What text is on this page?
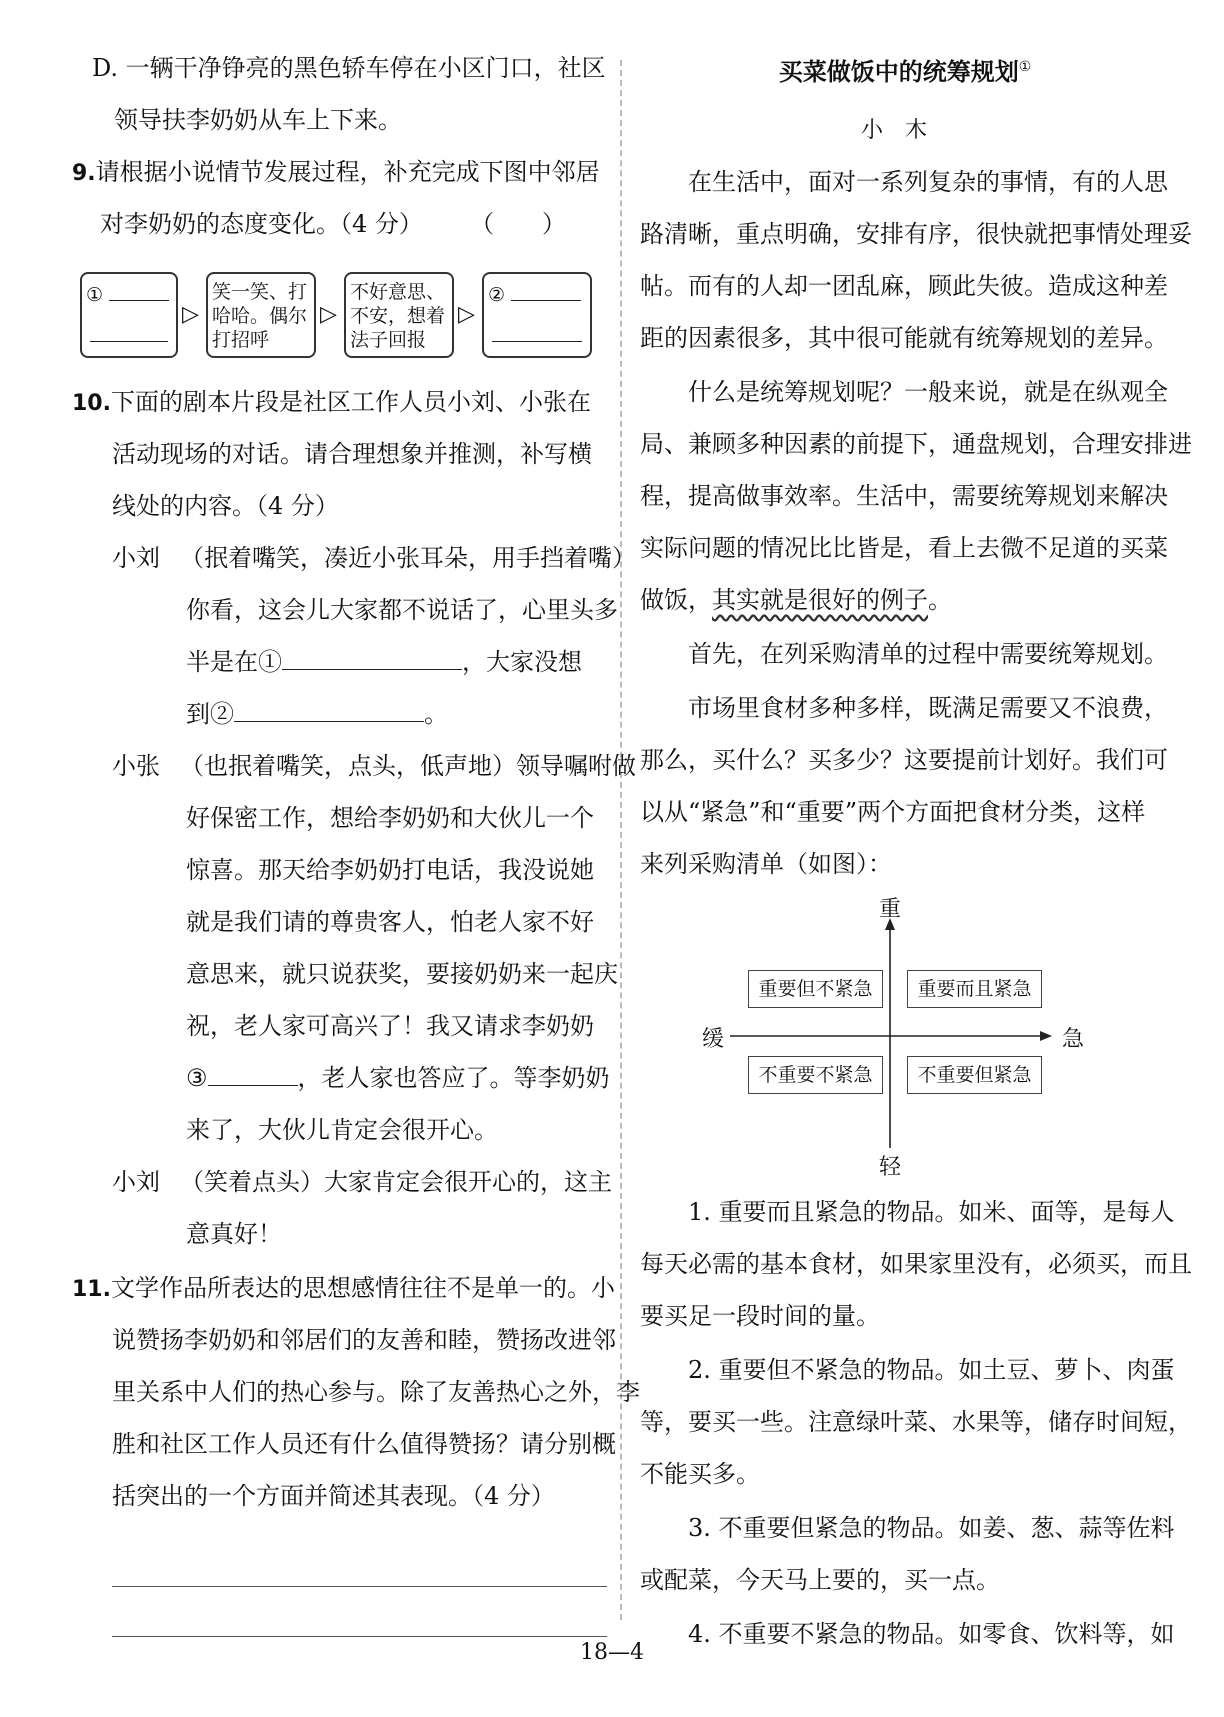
D. 一辆干净铮亮的黑色轿车停在小区门口，社区
领导扶李奶奶从车上下来。
9.请根据小说情节发展过程，补充完成下图中邻居
对李奶奶的态度变化。（4 分） （　　）
①
▷
笑一笑、打
哈哈。偶尔
打招呼
▷
不好意思、
不安，想着
法子回报
▷
②
10.下面的剧本片段是社区工作人员小刘、小张在
活动现场的对话。请合理想象并推测，补写横
线处的内容。（4 分）
小刘 （抿着嘴笑，凑近小张耳朵，用手挡着嘴）
你看，这会儿大家都不说话了，心里头多
半是在①	，大家没想
到②	。
小张 （也抿着嘴笑，点头，低声地）领导嘱咐做
好保密工作，想给李奶奶和大伙儿一个
惊喜。那天给李奶奶打电话，我没说她
就是我们请的尊贵客人，怕老人家不好
意思来，就只说获奖，要接奶奶来一起庆
祝，老人家可高兴了！我又请求李奶奶
③	，老人家也答应了。等李奶奶
来了，大伙儿肯定会很开心。
小刘 （笑着点头）大家肯定会很开心的，这主
意真好！
11.文学作品所表达的思想感情往往不是单一的。小
说赞扬李奶奶和邻居们的友善和睦，赞扬改进邻
里关系中人们的热心参与。除了友善热心之外，李
胜和社区工作人员还有什么值得赞扬？请分别概
括突出的一个方面并简述其表现。（4 分）
买菜做饭中的统筹规划①
小木
在生活中，面对一系列复杂的事情，有的人思
路清晰，重点明确，安排有序，很快就把事情处理妥
帖。而有的人却一团乱麻，顾此失彼。造成这种差
距的因素很多，其中很可能就有统筹规划的差异。
什么是统筹规划呢？一般来说，就是在纵观全
局、兼顾多种因素的前提下，通盘规划，合理安排进
程，提高做事效率。生活中，需要统筹规划来解决
实际问题的情况比比皆是，看上去微不足道的买菜
做饭，其实就是很好的例子。
首先，在列采购清单的过程中需要统筹规划。
市场里食材多种多样，既满足需要又不浪费，
那么，买什么？买多少？这要提前计划好。我们可
以从“紧急”和“重要”两个方面把食材分类，这样
来列采购清单（如图）：
重
轻
缓	急
重要但不紧急	重要而且紧急
不重要不紧急	不重要但紧急
1. 重要而且紧急的物品。如米、面等，是每人
每天必需的基本食材，如果家里没有，必须买，而且
要买足一段时间的量。
2. 重要但不紧急的物品。如土豆、萝卜、肉蛋
等，要买一些。注意绿叶菜、水果等，储存时间短，
不能买多。
3. 不重要但紧急的物品。如姜、葱、蒜等佐料
或配菜，今天马上要的，买一点。
4. 不重要不紧急的物品。如零食、饮料等，如
18—4
